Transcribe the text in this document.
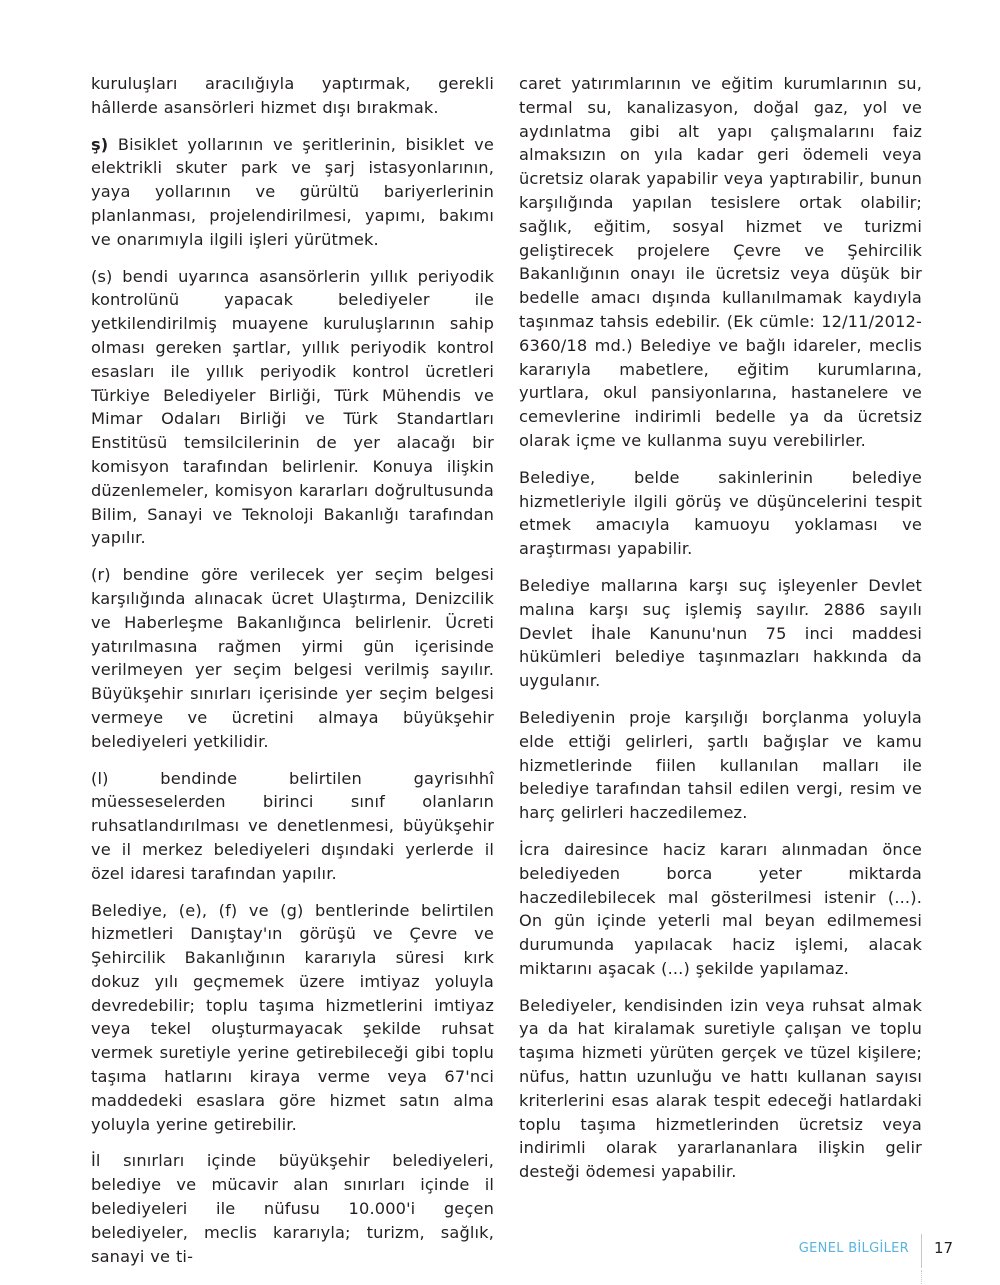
kuruluşları aracılığıyla yaptırmak, gerekli hâllerde asansörleri hizmet dışı bırakmak.

ş) Bisiklet yollarının ve şeritlerinin, bisiklet ve elektrikli skuter park ve şarj istasyonlarının, yaya yollarının ve gürültü bariyerlerinin planlanması, projelendirilmesi, yapımı, bakımı ve onarımıyla ilgili işleri yürütmek.

(s) bendi uyarınca asansörlerin yıllık periyodik kontrolünü yapacak belediyeler ile yetkilendirilmiş muayene kuruluşlarının sahip olması gereken şartlar, yıllık periyodik kontrol esasları ile yıllık periyodik kontrol ücretleri Türkiye Belediyeler Birliği, Türk Mühendis ve Mimar Odaları Birliği ve Türk Standartları Enstitüsü temsilcilerinin de yer alacağı bir komisyon tarafından belirlenir. Konuya ilişkin düzenlemeler, komisyon kararları doğrultusunda Bilim, Sanayi ve Teknoloji Bakanlığı tarafından yapılır.

(r) bendine göre verilecek yer seçim belgesi karşılığında alınacak ücret Ulaştırma, Denizcilik ve Haberleşme Bakanlığınca belirlenir. Ücreti yatırılmasına rağmen yirmi gün içerisinde verilmeyen yer seçim belgesi verilmiş sayılır. Büyükşehir sınırları içerisinde yer seçim belgesi vermeye ve ücretini almaya büyükşehir belediyeleri yetkilidir.

(l) bendinde belirtilen gayrisıhhî müesseselerden birinci sınıf olanların ruhsatlandırılması ve denetlenmesi, büyükşehir ve il merkez belediyeleri dışındaki yerlerde il özel idaresi tarafından yapılır.

Belediye, (e), (f) ve (g) bentlerinde belirtilen hizmetleri Danıştay'ın görüşü ve Çevre ve Şehircilik Bakanlığının kararıyla süresi kırk dokuz yılı geçmemek üzere imtiyaz yoluyla devredebilir; toplu taşıma hizmetlerini imtiyaz veya tekel oluşturmayacak şekilde ruhsat vermek suretiyle yerine getirebileceği gibi toplu taşıma hatlarını kiraya verme veya 67'nci maddedeki esaslara göre hizmet satın alma yoluyla yerine getirebilir.

İl sınırları içinde büyükşehir belediyeleri, belediye ve mücavir alan sınırları içinde il belediyeleri ile nüfusu 10.000'i geçen belediyeler, meclis kararıyla; turizm, sağlık, sanayi ve ti-

caret yatırımlarının ve eğitim kurumlarının su, termal su, kanalizasyon, doğal gaz, yol ve aydınlatma gibi alt yapı çalışmalarını faiz almaksızın on yıla kadar geri ödemeli veya ücretsiz olarak yapabilir veya yaptırabilir, bunun karşılığında yapılan tesislere ortak olabilir; sağlık, eğitim, sosyal hizmet ve turizmi geliştirecek projelere Çevre ve Şehircilik Bakanlığının onayı ile ücretsiz veya düşük bir bedelle amacı dışında kullanılmamak kaydıyla taşınmaz tahsis edebilir. (Ek cümle: 12/11/2012-6360/18 md.) Belediye ve bağlı idareler, meclis kararıyla mabetlere, eğitim kurumlarına, yurtlara, okul pansiyonlarına, hastanelere ve cemevlerine indirimli bedelle ya da ücretsiz olarak içme ve kullanma suyu verebilirler.

Belediye, belde sakinlerinin belediye hizmetleriyle ilgili görüş ve düşüncelerini tespit etmek amacıyla kamuoyu yoklaması ve araştırması yapabilir.

Belediye mallarına karşı suç işleyenler Devlet malına karşı suç işlemiş sayılır. 2886 sayılı Devlet İhale Kanunu'nun 75 inci maddesi hükümleri belediye taşınmazları hakkında da uygulanır.

Belediyenin proje karşılığı borçlanma yoluyla elde ettiği gelirleri, şartlı bağışlar ve kamu hizmetlerinde fiilen kullanılan malları ile belediye tarafından tahsil edilen vergi, resim ve harç gelirleri haczedilemez.

İcra dairesince haciz kararı alınmadan önce belediyeden borca yeter miktarda haczedilebilecek mal gösterilmesi istenir (...). On gün içinde yeterli mal beyan edilmemesi durumunda yapılacak haciz işlemi, alacak miktarını aşacak (...) şekilde yapılamaz.

Belediyeler, kendisinden izin veya ruhsat almak ya da hat kiralamak suretiyle çalışan ve toplu taşıma hizmeti yürüten gerçek ve tüzel kişilere; nüfus, hattın uzunluğu ve hattı kullanan sayısı kriterlerini esas alarak tespit edeceği hatlardaki toplu taşıma hizmetlerinden ücretsiz veya indirimli olarak yararlananlara ilişkin gelir desteği ödemesi yapabilir.

GENEL BİLGİLER 17
